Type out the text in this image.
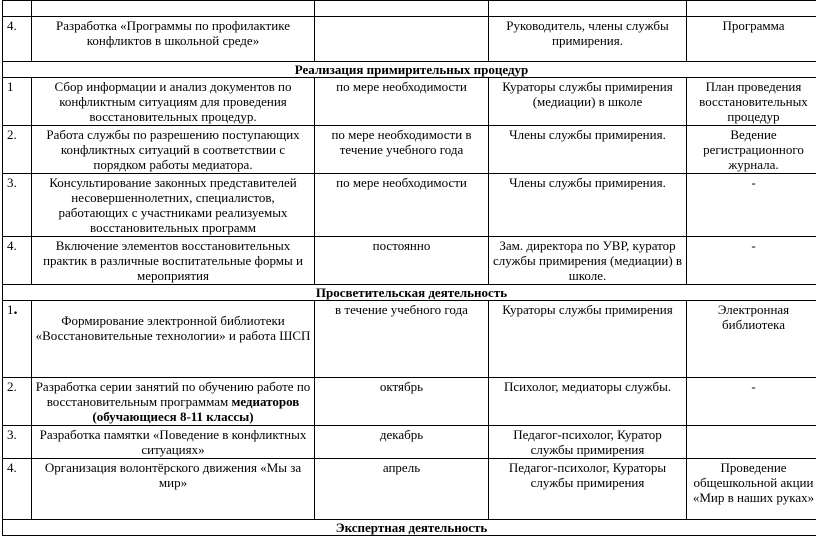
4.	Разработка «Программы по профилактике конфликтов в школьной среде»		Руководитель, члены службы примирения.	Программа
Реализация примирительных процедур				
1	Сбор информации и анализ документов по конфликтным ситуациям для проведения восстановительных процедур.	по мере необходимости	Кураторы службы примирения (медиации) в школе	План проведения восстановительных процедур
2.	Работа службы по разрешению поступающих конфликтных ситуаций в соответствии с порядком работы медиатора.	по мере необходимости в течение учебного года	Члены службы примирения.	Ведение регистрационного журнала.
3.	Консультирование законных представителей несовершеннолетних, специалистов, работающих с участниками реализуемых восстановительных программ	по мере необходимости	Члены службы примирения.	-
4.	Включение элементов восстановительных практик в различные воспитательные формы и мероприятия	постоянно	Зам. директора по УВР, куратор службы примирения (медиации) в школе.	-
Просветительская деятельность				
1.	Формирование электронной библиотеки «Восстановительные технологии» и работа ШСП	в течение учебного года	Кураторы службы примирения	Электронная библиотека
2.	Разработка серии занятий по обучению работе по восстановительным программам медиаторов (обучающиеся 8-11 классы)	октябрь	Психолог, медиаторы службы.	-
3.	Разработка памятки «Поведение в конфликтных ситуациях»	декабрь	Педагог-психолог, Куратор службы примирения	
4.	Организация волонтёрского движения «Мы за мир»	апрель	Педагог-психолог, Кураторы службы примирения	Проведение общешкольной акции «Мир в наших руках»
Экспертная деятельность				
